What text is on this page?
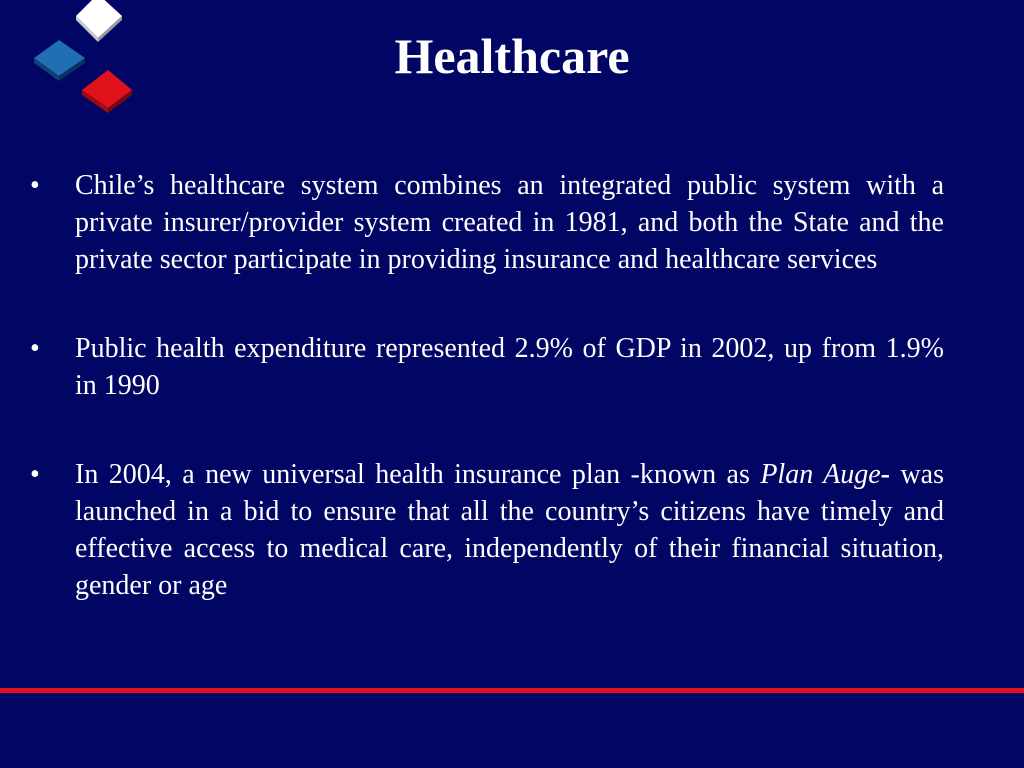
Healthcare
•	Chile’s healthcare system combines an integrated public system with a private insurer/provider system created in 1981, and both the State and the private sector participate in providing insurance and healthcare services
•	Public health expenditure represented 2.9% of GDP in 2002, up from 1.9% in 1990
•	In 2004, a new universal health insurance plan -known as Plan Auge- was launched in a bid to ensure that all the country’s citizens have timely and effective access to medical care, independently of their financial situation, gender or age
